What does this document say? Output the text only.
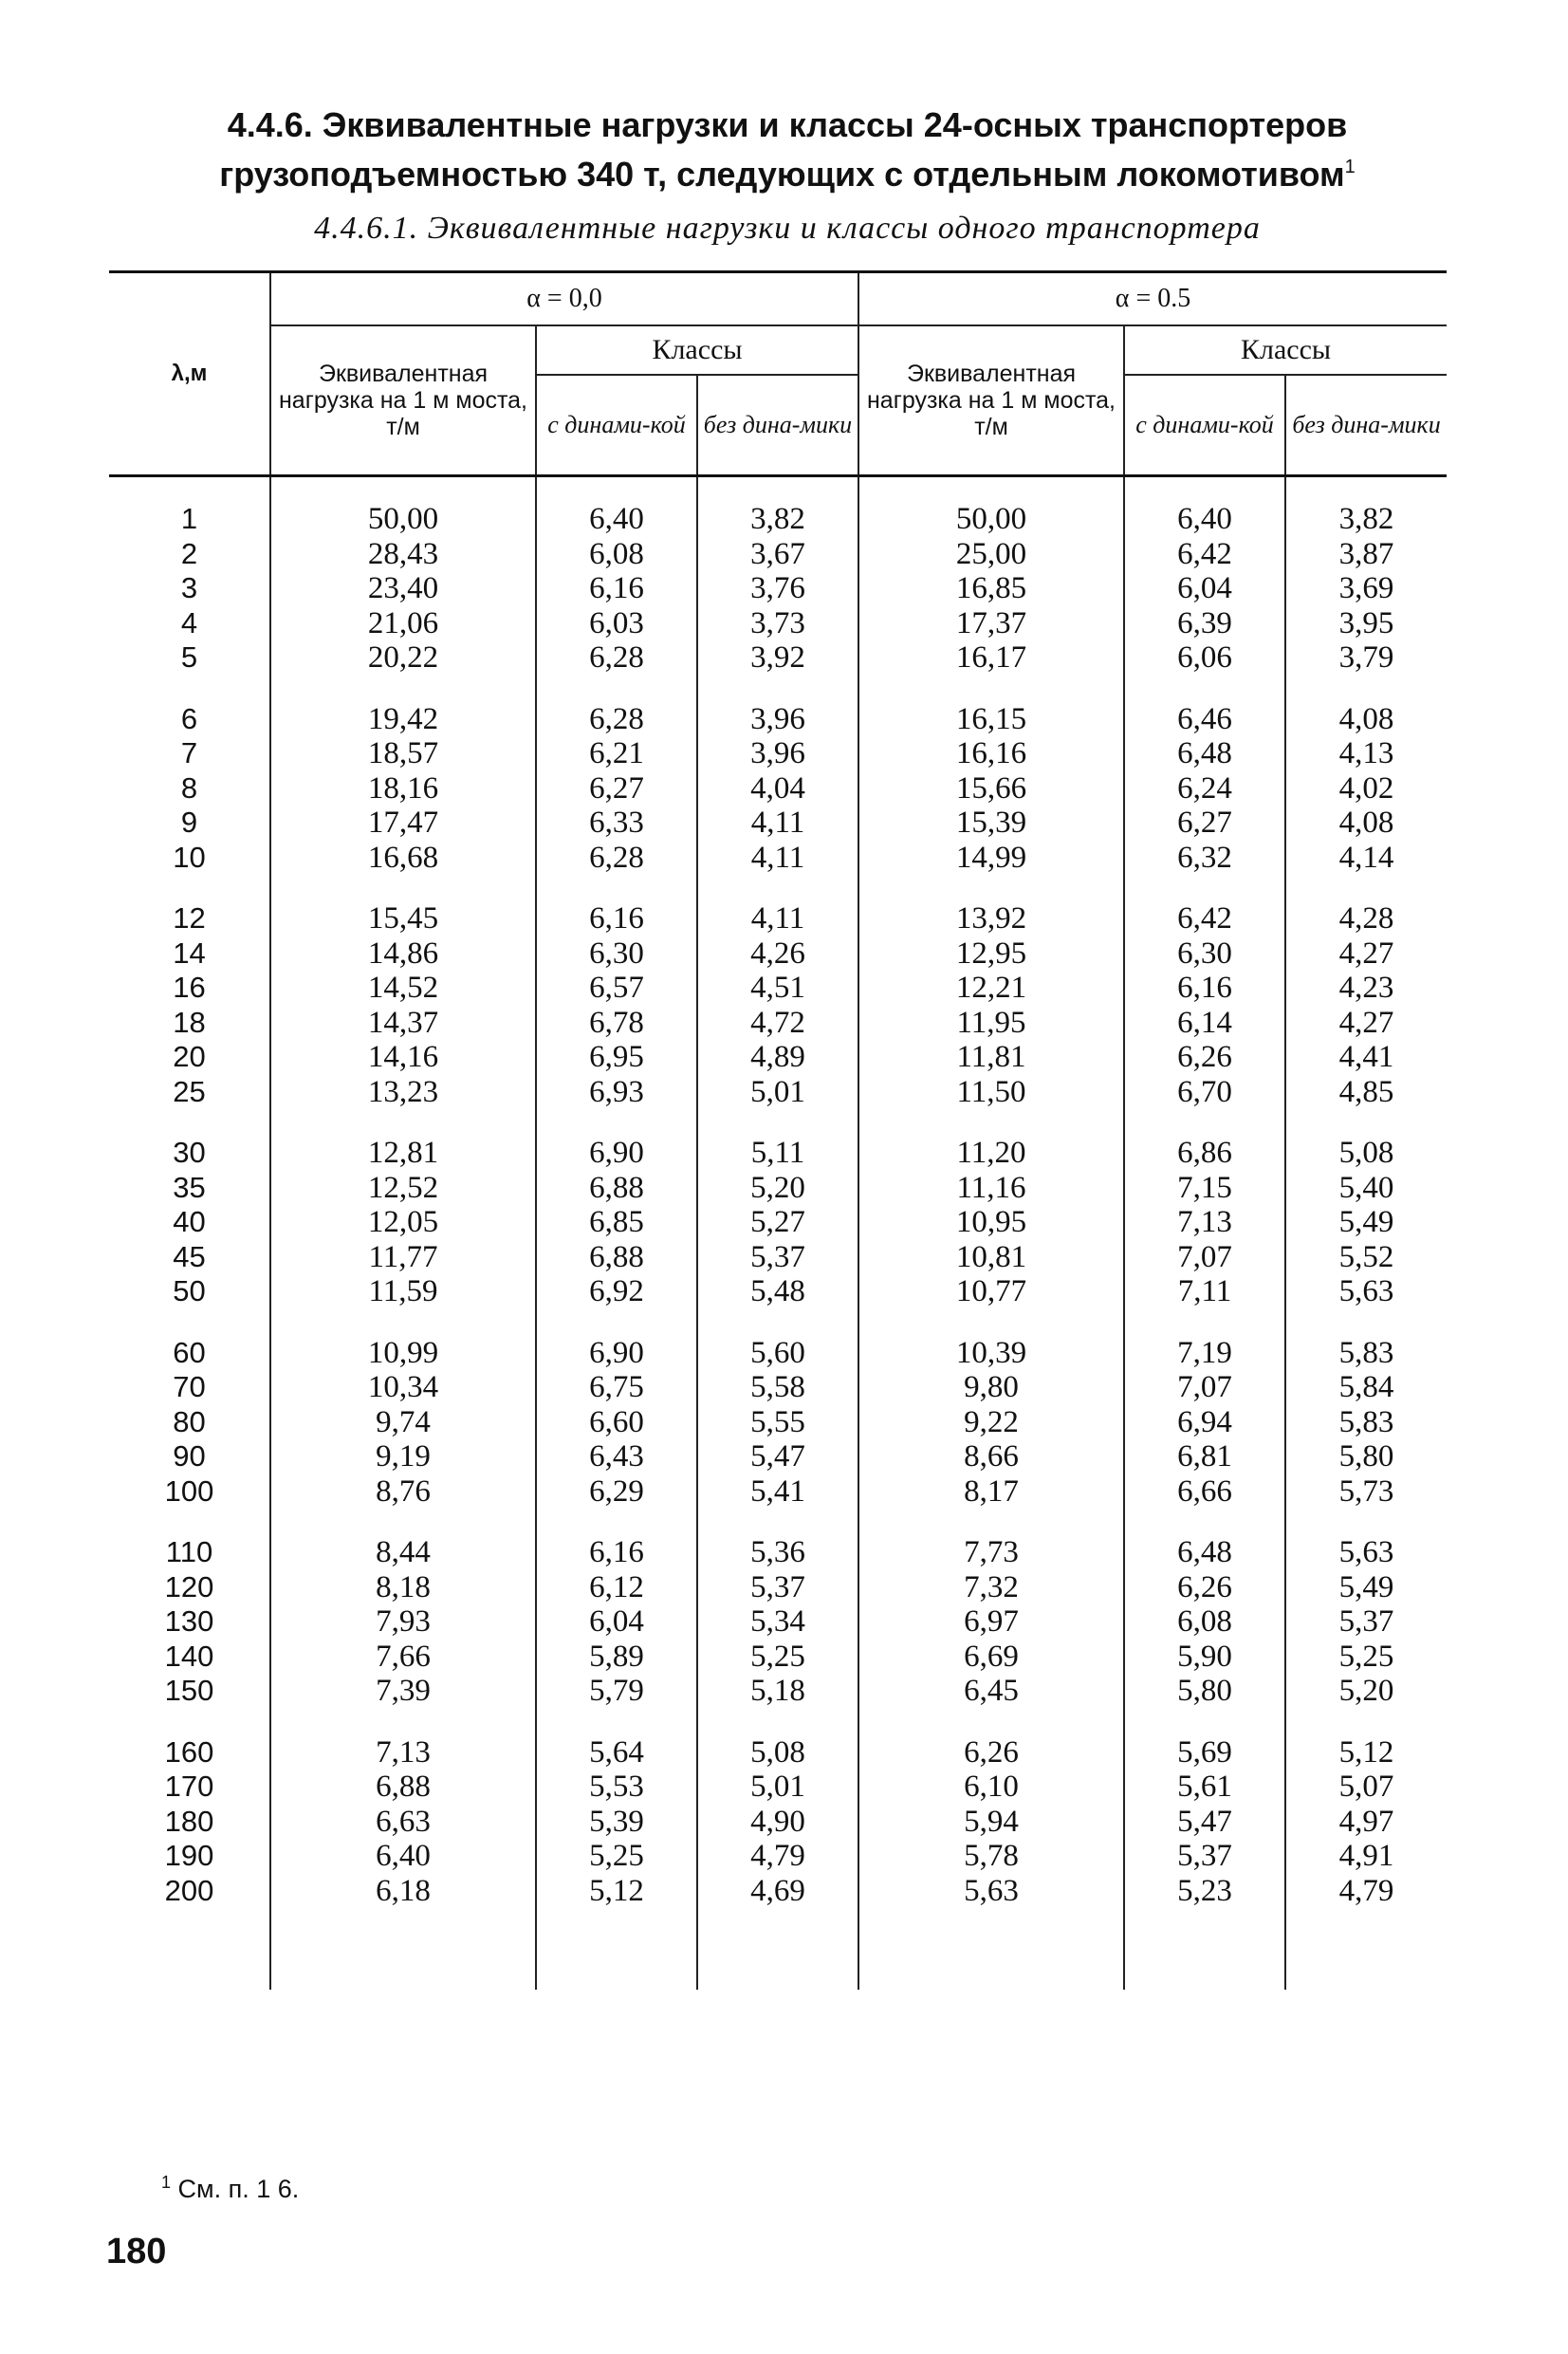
4.4.6. Эквивалентные нагрузки и классы 24-осных транспортеров
грузоподъемностью 340 т, следующих с отдельным локомотивом$^1$
4.4.6.1. Эквивалентные нагрузки и классы одного транспортера
λ,м	α = 0,0			α = 0.5		
	Эквивалентная нагрузка на 1 м моста, т/м	Классы		Эквивалентная нагрузка на 1 м моста, т/м	Классы	
		с динами-кой	без дина-мики		с динами-кой	без дина-мики
1	50,00	6,40	3,82	50,00	6,40	3,82
2	28,43	6,08	3,67	25,00	6,42	3,87
3	23,40	6,16	3,76	16,85	6,04	3,69
4	21,06	6,03	3,73	17,37	6,39	3,95
5	20,22	6,28	3,92	16,17	6,06	3,79

6	19,42	6,28	3,96	16,15	6,46	4,08
7	18,57	6,21	3,96	16,16	6,48	4,13
8	18,16	6,27	4,04	15,66	6,24	4,02
9	17,47	6,33	4,11	15,39	6,27	4,08
10	16,68	6,28	4,11	14,99	6,32	4,14

12	15,45	6,16	4,11	13,92	6,42	4,28
14	14,86	6,30	4,26	12,95	6,30	4,27
16	14,52	6,57	4,51	12,21	6,16	4,23
18	14,37	6,78	4,72	11,95	6,14	4,27
20	14,16	6,95	4,89	11,81	6,26	4,41
25	13,23	6,93	5,01	11,50	6,70	4,85

30	12,81	6,90	5,11	11,20	6,86	5,08
35	12,52	6,88	5,20	11,16	7,15	5,40
40	12,05	6,85	5,27	10,95	7,13	5,49
45	11,77	6,88	5,37	10,81	7,07	5,52
50	11,59	6,92	5,48	10,77	7,11	5,63

60	10,99	6,90	5,60	10,39	7,19	5,83
70	10,34	6,75	5,58	9,80	7,07	5,84
80	9,74	6,60	5,55	9,22	6,94	5,83
90	9,19	6,43	5,47	8,66	6,81	5,80
100	8,76	6,29	5,41	8,17	6,66	5,73

110	8,44	6,16	5,36	7,73	6,48	5,63
120	8,18	6,12	5,37	7,32	6,26	5,49
130	7,93	6,04	5,34	6,97	6,08	5,37
140	7,66	5,89	5,25	6,69	5,90	5,25
150	7,39	5,79	5,18	6,45	5,80	5,20

160	7,13	5,64	5,08	6,26	5,69	5,12
170	6,88	5,53	5,01	6,10	5,61	5,07
180	6,63	5,39	4,90	5,94	5,47	4,97
190	6,40	5,25	4,79	5,78	5,37	4,91
200	6,18	5,12	4,69	5,63	5,23	4,79

$^1$ См. п. 1 6.
180
